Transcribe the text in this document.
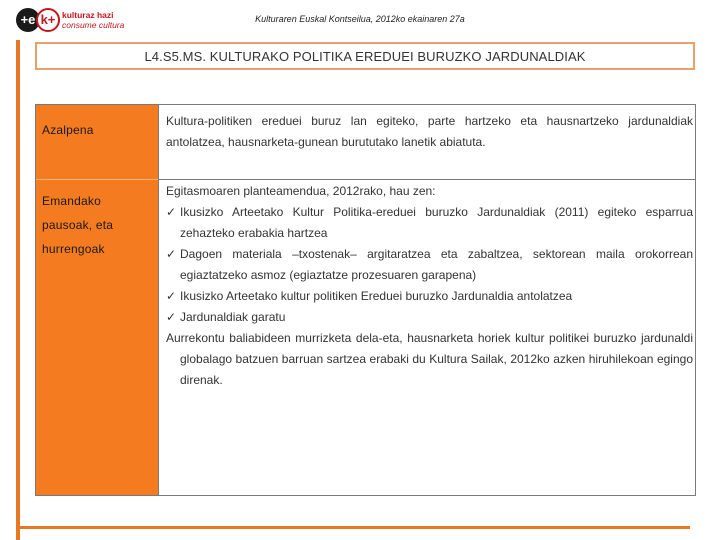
+e k+ kulturaz hazi
consume cultura
Kulturaren Euskal Kontseilua, 2012ko ekainaren 27a
L4.S5.MS. KULTURAKO POLITIKA EREDUEI BURUZKO JARDUNALDIAK
Azalpena
Kultura-politiken ereduei buruz lan egiteko, parte hartzeko eta hausnartzeko jardunaldiak antolatzea, hausnarketa-gunean burututako lanetik abiatuta.
Emandako
pausoak, eta
hurrengoak
Egitasmoaren planteamendua, 2012rako, hau zen:
✓ Ikusizko Arteetako Kultur Politika-ereduei buruzko Jardunaldiak (2011) egiteko esparrua zehazteko erabakia hartzea
✓ Dagoen materiala –txostenak– argitaratzea eta zabaltzea, sektorean maila orokorrean egiaztatzeko asmoz (egiaztatze prozesuaren garapena)
✓ Ikusizko Arteetako kultur politiken Ereduei buruzko Jardunaldia antolatzea
✓ Jardunaldiak garatu
Aurrekontu baliabideen murrizketa dela-eta, hausnarketa horiek kultur politikei buruzko jardunaldi globalago batzuen barruan sartzea erabaki du Kultura Sailak, 2012ko azken hiruhilekoan egingo direnak.
